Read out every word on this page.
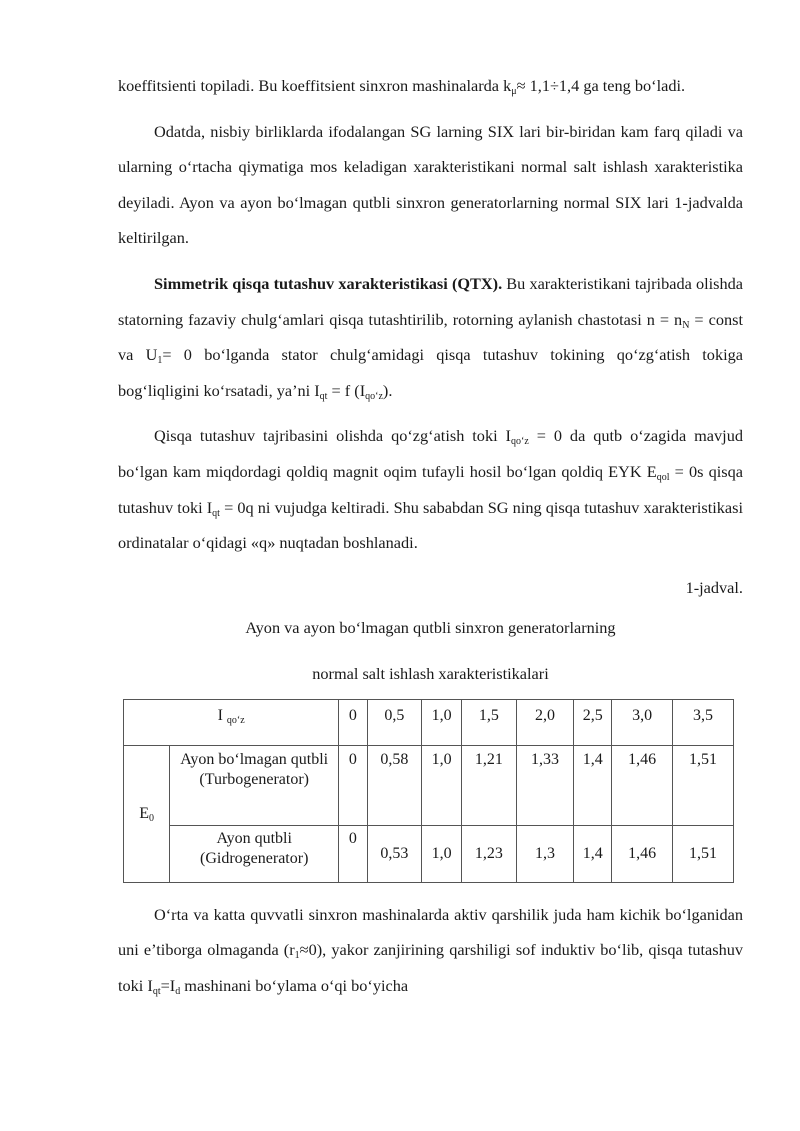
koeffitsienti topiladi. Bu koeffitsient sinxron mashinalarda $k_\mu\approx 1,1\div 1,4$ ga teng bo‘ladi.

Odatda, nisbiy birliklarda ifodalangan SG larning SIX lari bir-biridan kam farq qiladi va ularning o‘rtacha qiymatiga mos keladigan xarakteristikani normal salt ishlash xarakteristika deyiladi. Ayon va ayon bo‘lmagan qutbli sinxron generatorlarning normal SIX lari 1-jadvalda keltirilgan.

Simmetrik qisqa tutashuv xarakteristikasi (QTX). Bu xarakteristikani tajribada olishda statorning fazaviy chulg‘amlari qisqa tutashtirilib, rotorning aylanish chastotasi $n = n_N$ = const va $U_1= 0$ bo‘lganda stator chulg‘amidagi qisqa tutashuv tokining qo‘zg‘atish tokiga bog‘liqligini ko‘rsatadi, ya’ni $I_{qt} = f$ $(I_{qo‘z})$.

Qisqa tutashuv tajribasini olishda qo‘zg‘atish toki $I_{qo‘z} = 0$ da qutb o‘zagida mavjud bo‘lgan kam miqdordagi qoldiq magnit oqim tufayli hosil bo‘lgan qoldiq EYK $E_{qol} = 0s$ qisqa tutashuv toki $I_{qt} = 0q$ ni vujudga keltiradi. Shu sababdan SG ning qisqa tutashuv xarakteristikasi ordinatalar o‘qidagi «q» nuqtadan boshlanadi.

1-jadval.

Ayon va ayon bo‘lmagan qutbli sinxron generatorlarning

normal salt ishlash xarakteristikalari

I $_{qo‘z}$		0	0,5	1,0	1,5	2,0	2,5	3,0	3,5
$E_0$	Ayon bo‘lmagan qutbli (Turbogenerator)	0	0,58	1,0	1,21	1,33	1,4	1,46	1,51
	Ayon qutbli (Gidrogenerator)	0	0,53	1,0	1,23	1,3	1,4	1,46	1,51

O‘rta va katta quvvatli sinxron mashinalarda aktiv qarshilik juda ham kichik bo‘lganidan uni e’tiborga olmaganda $(r_1\approx 0)$, yakor zanjirining qarshiligi sof induktiv bo‘lib, qisqa tutashuv toki $I_{qt}=I_d$ mashinani bo‘ylama o‘qi bo‘yicha
